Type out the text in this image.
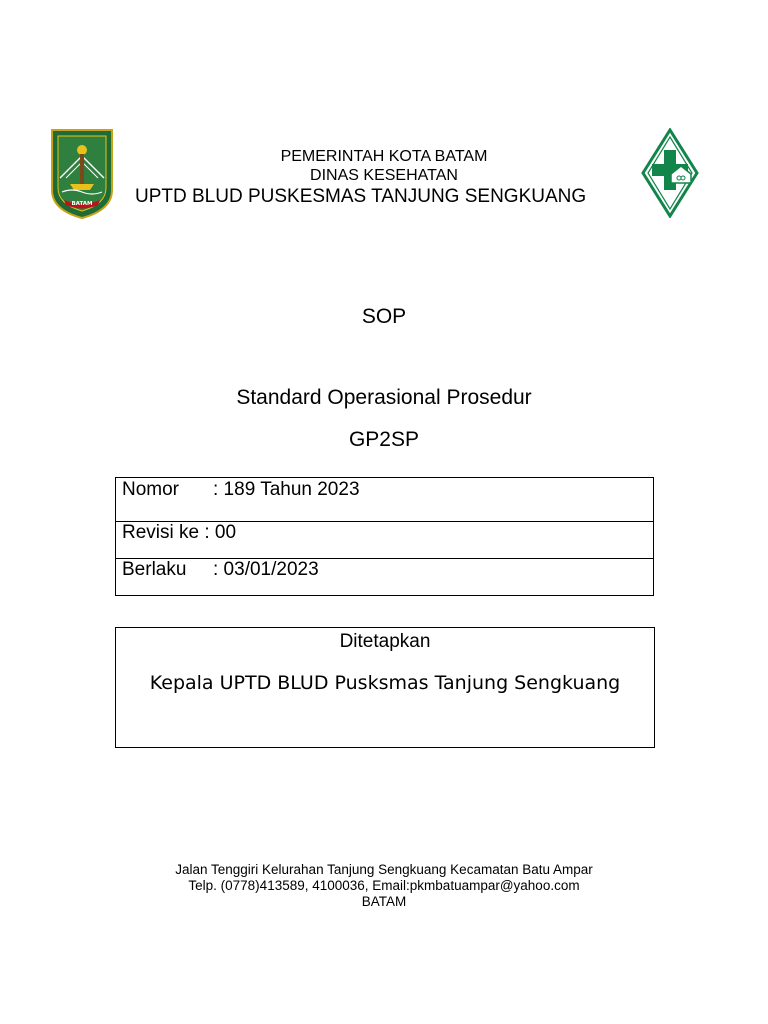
BATAM
PEMERINTAH KOTA BATAM
DINAS KESEHATAN
UPTD BLUD PUSKESMAS TANJUNG SENGKUANG
SOP
Standard Operasional Prosedur
GP2SP
Nomor : 189 Tahun 2023
Revisi ke : 00
Berlaku : 03/01/2023
Ditetapkan
Kepala UPTD BLUD Pusksmas Tanjung Sengkuang
Jalan Tenggiri Kelurahan Tanjung Sengkuang Kecamatan Batu Ampar
Telp. (0778)413589, 4100036, Email:pkmbatuampar@yahoo.com
BATAM
